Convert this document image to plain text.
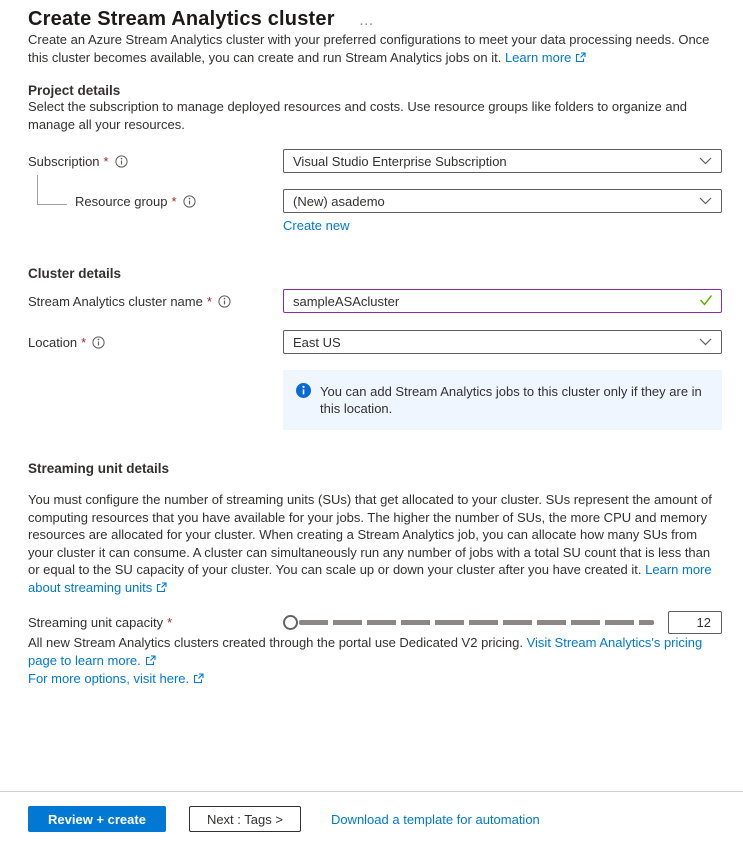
Create Stream Analytics cluster …

Create an Azure Stream Analytics cluster with your preferred configurations to meet your data processing needs. Once this cluster becomes available, you can create and run Stream Analytics jobs on it. Learn more

Project details

Select the subscription to manage deployed resources and costs. Use resource groups like folders to organize and manage all your resources.

Subscription *	Visual Studio Enterprise Subscription
Resource group *	(New) asademo
Create new
Cluster details
Stream Analytics cluster name *
sampleASAcluster
Location *	East US
You can add Stream Analytics jobs to this cluster only if they are in this location.
Streaming unit details

You must configure the number of streaming units (SUs) that get allocated to your cluster. SUs represent the amount of computing resources that you have available for your jobs. The higher the number of SUs, the more CPU and memory resources are allocated for your cluster. When creating a Stream Analytics job, you can allocate how many SUs from your cluster it can consume. A cluster can simultaneously run any number of jobs with a total SU count that is less than or equal to the SU capacity of your cluster. You can scale up or down your cluster after you have created it. Learn more about streaming units

Streaming unit capacity *
12

All new Stream Analytics clusters created through the portal use Dedicated V2 pricing. Visit Stream Analytics's pricing page to learn more.

For more options, visit here.

Review + create	Next : Tags >	Download a template for automation
